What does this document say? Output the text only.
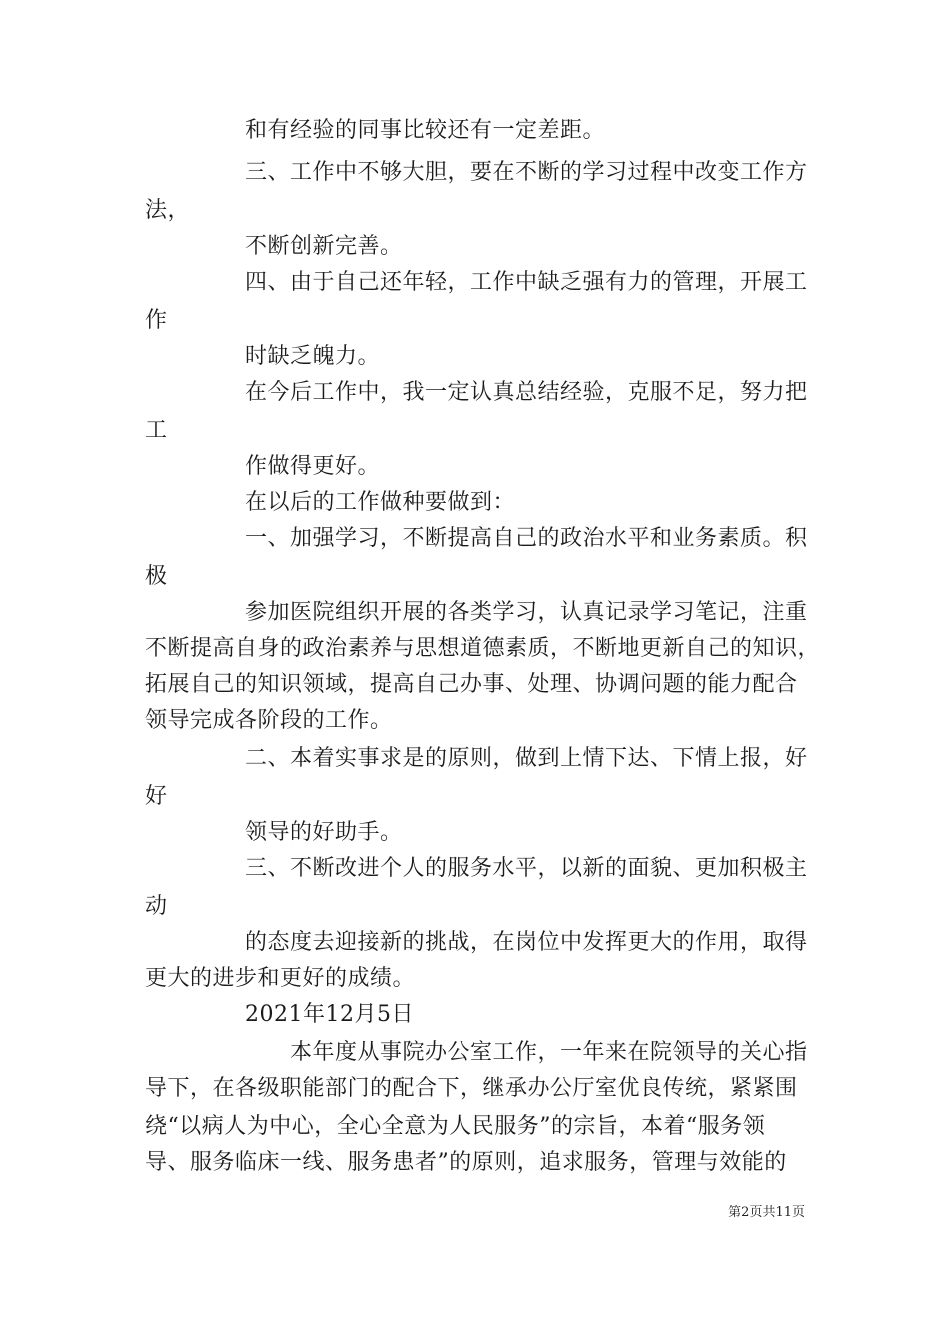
和有经验的同事比较还有一定差距。
三、工作中不够大胆，要在不断的学习过程中改变工作方
法，
不断创新完善。
四、由于自己还年轻，工作中缺乏强有力的管理，开展工
作
时缺乏魄力。
在今后工作中，我一定认真总结经验，克服不足，努力把
工
作做得更好。
在以后的工作做种要做到：
一、加强学习，不断提高自己的政治水平和业务素质。积
极
参加医院组织开展的各类学习，认真记录学习笔记，注重
不断提高自身的政治素养与思想道德素质，不断地更新自己的知识，
拓展自己的知识领域，提高自己办事、处理、协调问题的能力配合
领导完成各阶段的工作。
二、本着实事求是的原则，做到上情下达、下情上报，好
好
领导的好助手。
三、不断改进个人的服务水平，以新的面貌、更加积极主
动
的态度去迎接新的挑战，在岗位中发挥更大的作用，取得
更大的进步和更好的成绩。
2021年12月5日
本年度从事院办公室工作，一年来在院领导的关心指
导下，在各级职能部门的配合下，继承办公厅室优良传统，紧紧围
绕“以病人为中心，全心全意为人民服务”的宗旨，本着“服务领
导、服务临床一线、服务患者”的原则，追求服务，管理与效能的
第2页共11页
